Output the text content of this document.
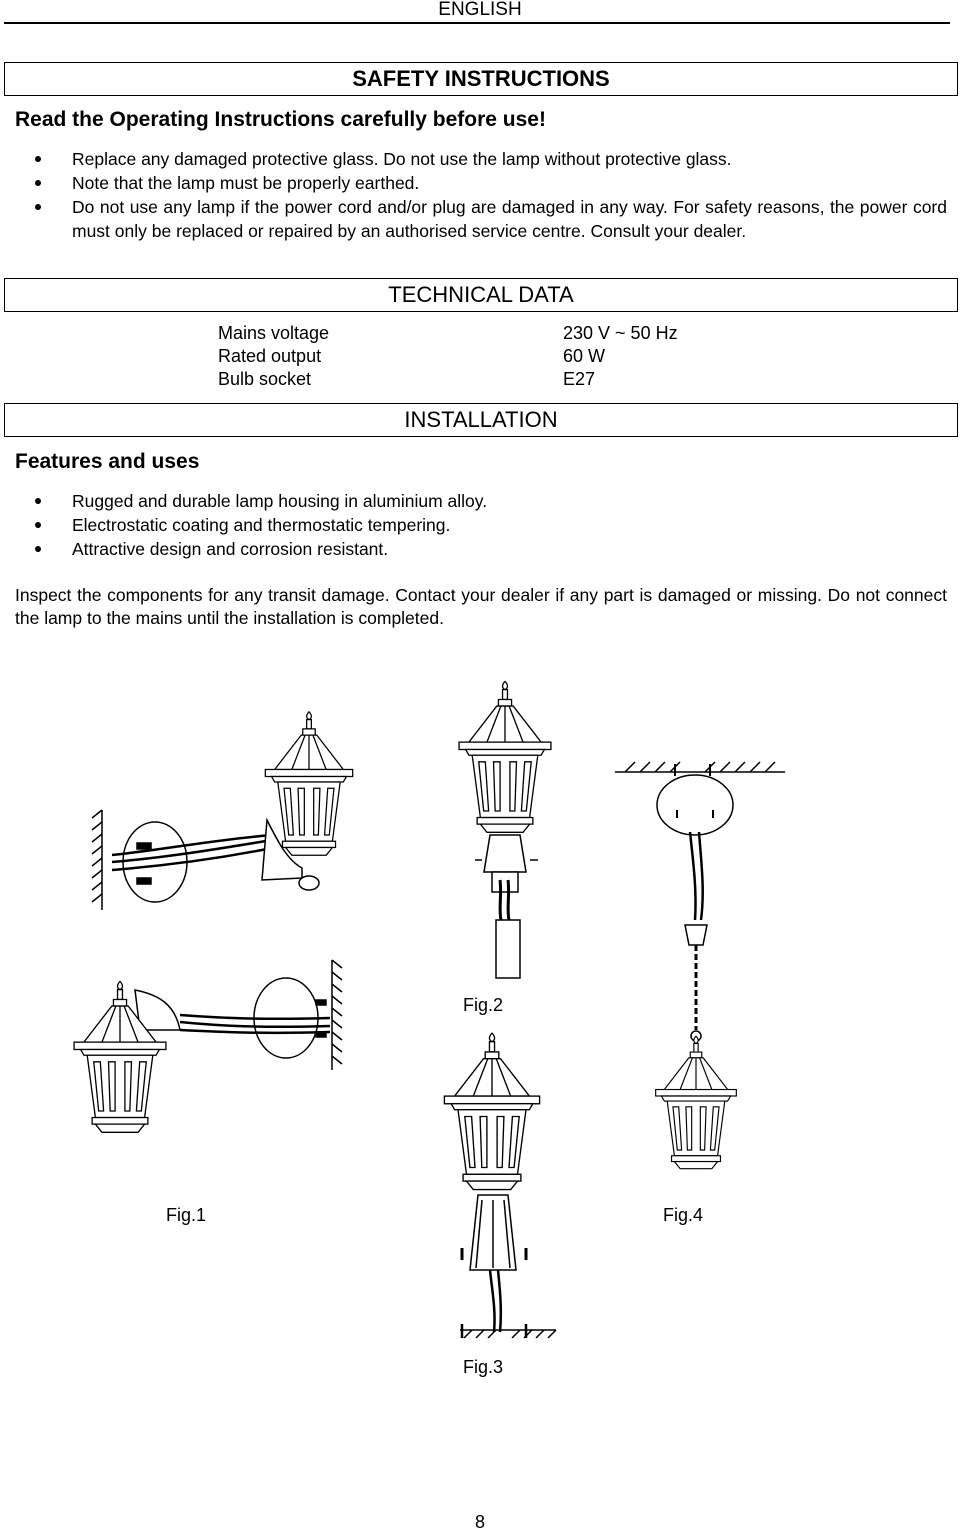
ENGLISH
SAFETY INSTRUCTIONS
Read the Operating Instructions carefully before use!
Replace any damaged protective glass. Do not use the lamp without protective glass.
Note that the lamp must be properly earthed.
Do not use any lamp if the power cord and/or plug are damaged in any way. For safety reasons, the power cord must only be replaced or repaired by an authorised service centre. Consult your dealer.
TECHNICAL DATA
Mains voltage	230 V ~ 50 Hz
Rated output	60 W
Bulb socket	E27
INSTALLATION
Features and uses
Rugged and durable lamp housing in aluminium alloy.
Electrostatic coating and thermostatic tempering.
Attractive design and corrosion resistant.
Inspect the components for any transit damage. Contact your dealer if any part is damaged or missing. Do not connect the lamp to the mains until the installation is completed.
Fig.2
Fig.1	Fig.4
Fig.3
8
